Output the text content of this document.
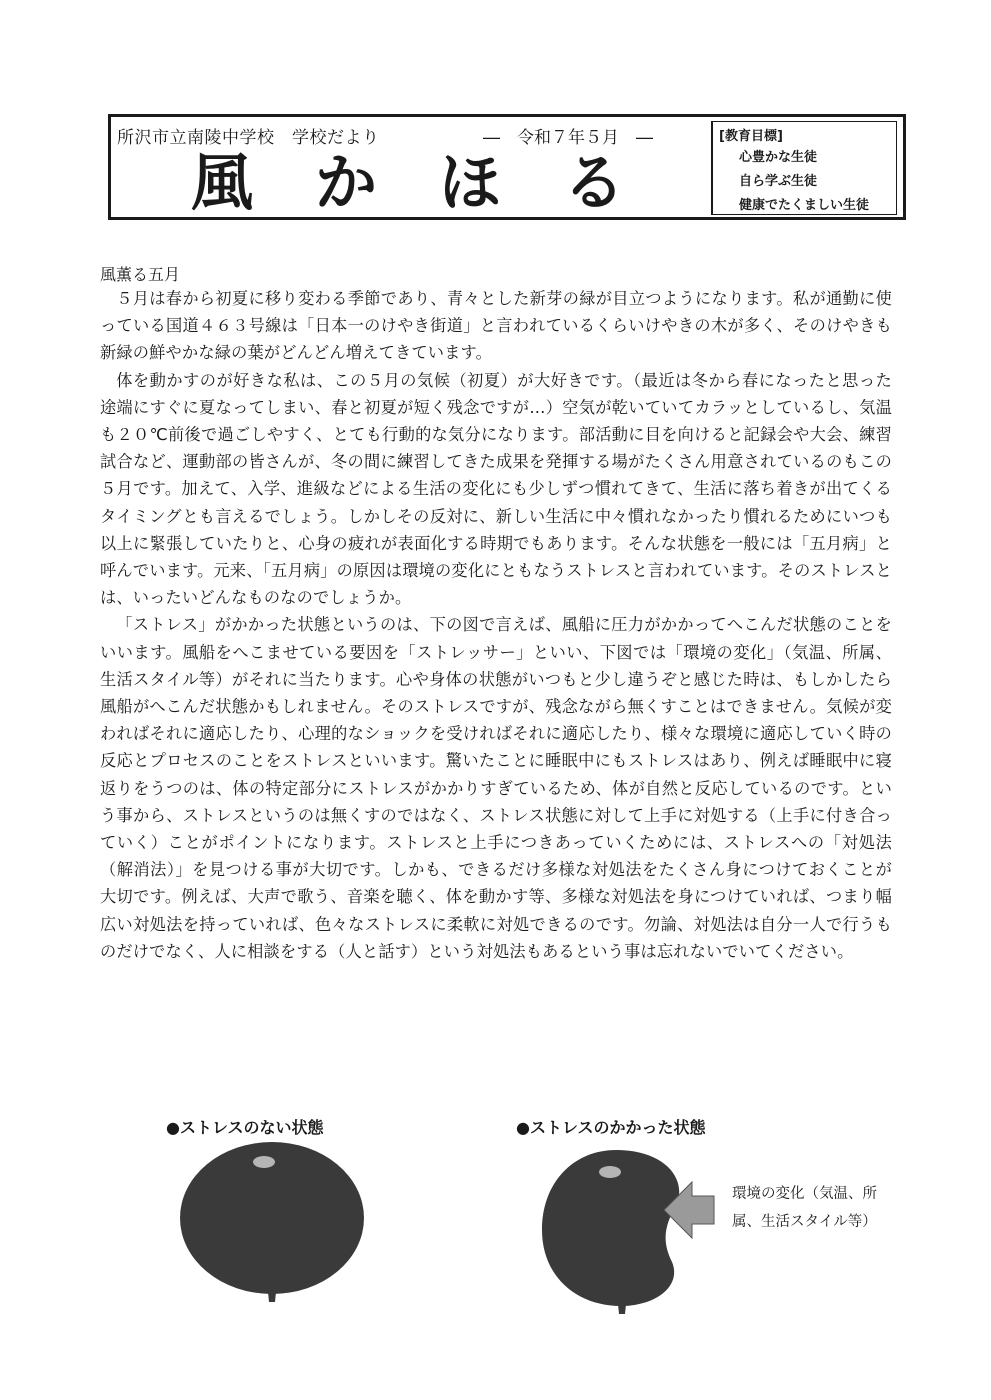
所沢市立南陵中学校　学校だより	―　令和７年５月　―
風かほる
[教育目標]
心豊かな生徒
自ら学ぶ生徒
健康でたくましい生徒
風薫る五月

５月は春から初夏に移り変わる季節であり、青々とした新芽の緑が目立つようになります。私が通勤に使っている国道４６３号線は「日本一のけやき街道」と言われているくらいけやきの木が多く、そのけやきも新緑の鮮やかな緑の葉がどんどん増えてきています。

体を動かすのが好きな私は、この５月の気候（初夏）が大好きです。（最近は冬から春になったと思った途端にすぐに夏なってしまい、春と初夏が短く残念ですが…）空気が乾いていてカラッとしているし、気温も２０℃前後で過ごしやすく、とても行動的な気分になります。部活動に目を向けると記録会や大会、練習試合など、運動部の皆さんが、冬の間に練習してきた成果を発揮する場がたくさん用意されているのもこの５月です。加えて、入学、進級などによる生活の変化にも少しずつ慣れてきて、生活に落ち着きが出てくるタイミングとも言えるでしょう。しかしその反対に、新しい生活に中々慣れなかったり慣れるためにいつも以上に緊張していたりと、心身の疲れが表面化する時期でもあります。そんな状態を一般には「五月病」と呼んでいます。元来、「五月病」の原因は環境の変化にともなうストレスと言われています。そのストレスとは、いったいどんなものなのでしょうか。

「ストレス」がかかった状態というのは、下の図で言えば、風船に圧力がかかってへこんだ状態のことをいいます。風船をへこませている要因を「ストレッサー」といい、下図では「環境の変化」（気温、所属、生活スタイル等）がそれに当たります。心や身体の状態がいつもと少し違うぞと感じた時は、もしかしたら風船がへこんだ状態かもしれません。そのストレスですが、残念ながら無くすことはできません。気候が変わればそれに適応したり、心理的なショックを受ければそれに適応したり、様々な環境に適応していく時の反応とプロセスのことをストレスといいます。驚いたことに睡眠中にもストレスはあり、例えば睡眠中に寝返りをうつのは、体の特定部分にストレスがかかりすぎているため、体が自然と反応しているのです。という事から、ストレスというのは無くすのではなく、ストレス状態に対して上手に対処する（上手に付き合っていく）ことがポイントになります。ストレスと上手につきあっていくためには、ストレスへの「対処法（解消法）」を見つける事が大切です。しかも、できるだけ多様な対処法をたくさん身につけておくことが大切です。例えば、大声で歌う、音楽を聴く、体を動かす等、多様な対処法を身につけていれば、つまり幅広い対処法を持っていれば、色々なストレスに柔軟に対処できるのです。勿論、対処法は自分一人で行うものだけでなく、人に相談をする（人と話す）という対処法もあるという事は忘れないでいてください。

●ストレスのない状態	●ストレスのかかった状態
環境の変化（気温、所属、生活スタイル等）
